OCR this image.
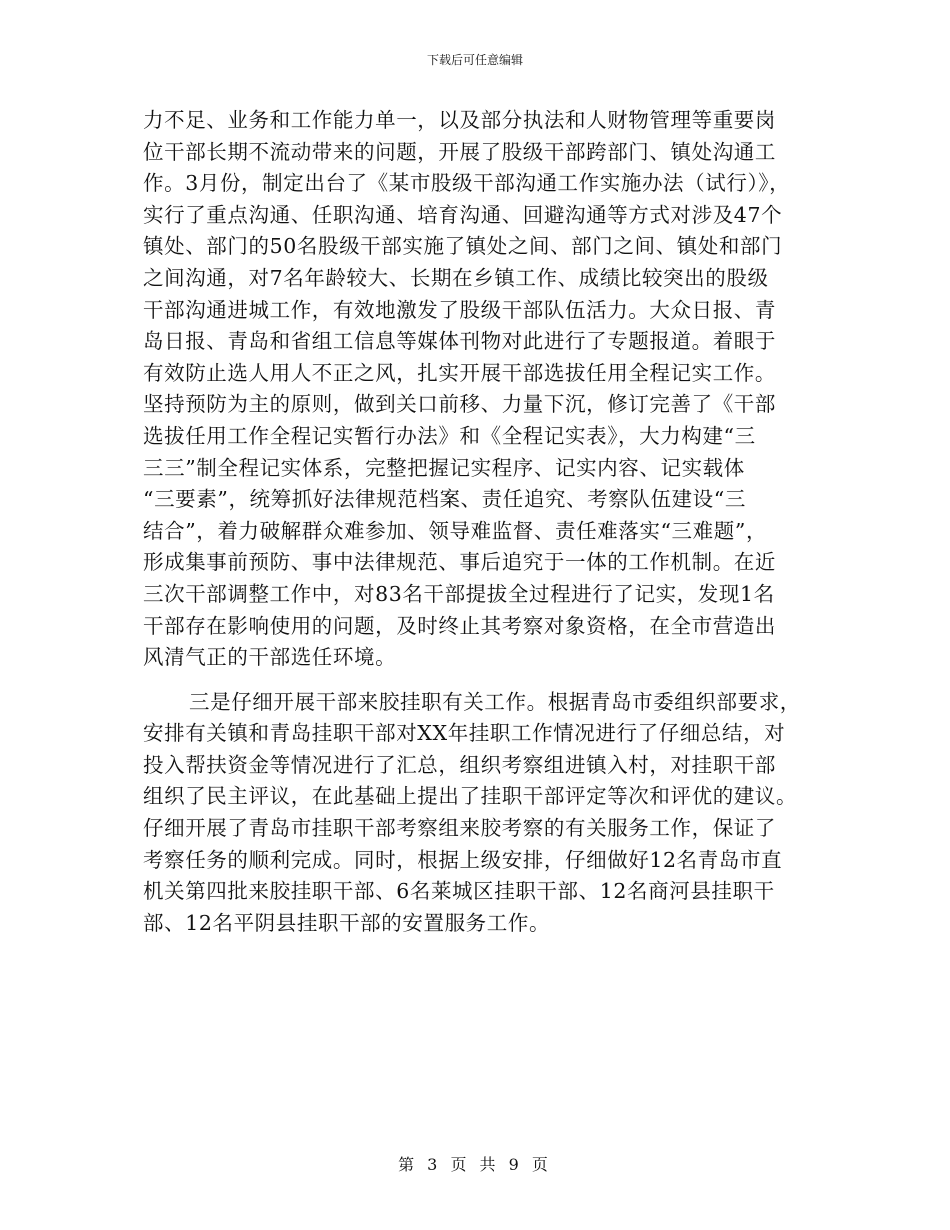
下载后可任意编辑
力不足、业务和工作能力单一，以及部分执法和人财物管理等重要岗
位干部长期不流动带来的问题，开展了股级干部跨部门、镇处沟通工
作。3月份，制定出台了《某市股级干部沟通工作实施办法（试行）》，
实行了重点沟通、任职沟通、培育沟通、回避沟通等方式对涉及47个
镇处、部门的50名股级干部实施了镇处之间、部门之间、镇处和部门
之间沟通，对7名年龄较大、长期在乡镇工作、成绩比较突出的股级
干部沟通进城工作，有效地激发了股级干部队伍活力。大众日报、青
岛日报、青岛和省组工信息等媒体刊物对此进行了专题报道。着眼于
有效防止选人用人不正之风，扎实开展干部选拔任用全程记实工作。
坚持预防为主的原则，做到关口前移、力量下沉，修订完善了《干部
选拔任用工作全程记实暂行办法》和《全程记实表》，大力构建“三
三三”制全程记实体系，完整把握记实程序、记实内容、记实载体
“三要素”，统筹抓好法律规范档案、责任追究、考察队伍建设“三
结合”，着力破解群众难参加、领导难监督、责任难落实“三难题”，
形成集事前预防、事中法律规范、事后追究于一体的工作机制。在近
三次干部调整工作中，对83名干部提拔全过程进行了记实，发现1名
干部存在影响使用的问题，及时终止其考察对象资格，在全市营造出
风清气正的干部选任环境。
三是仔细开展干部来胶挂职有关工作。根据青岛市委组织部要求，
安排有关镇和青岛挂职干部对XX年挂职工作情况进行了仔细总结，对
投入帮扶资金等情况进行了汇总，组织考察组进镇入村，对挂职干部
组织了民主评议，在此基础上提出了挂职干部评定等次和评优的建议。
仔细开展了青岛市挂职干部考察组来胶考察的有关服务工作，保证了
考察任务的顺利完成。同时，根据上级安排，仔细做好12名青岛市直
机关第四批来胶挂职干部、6名莱城区挂职干部、12名商河县挂职干
部、12名平阴县挂职干部的安置服务工作。
第 3 页 共 9 页
